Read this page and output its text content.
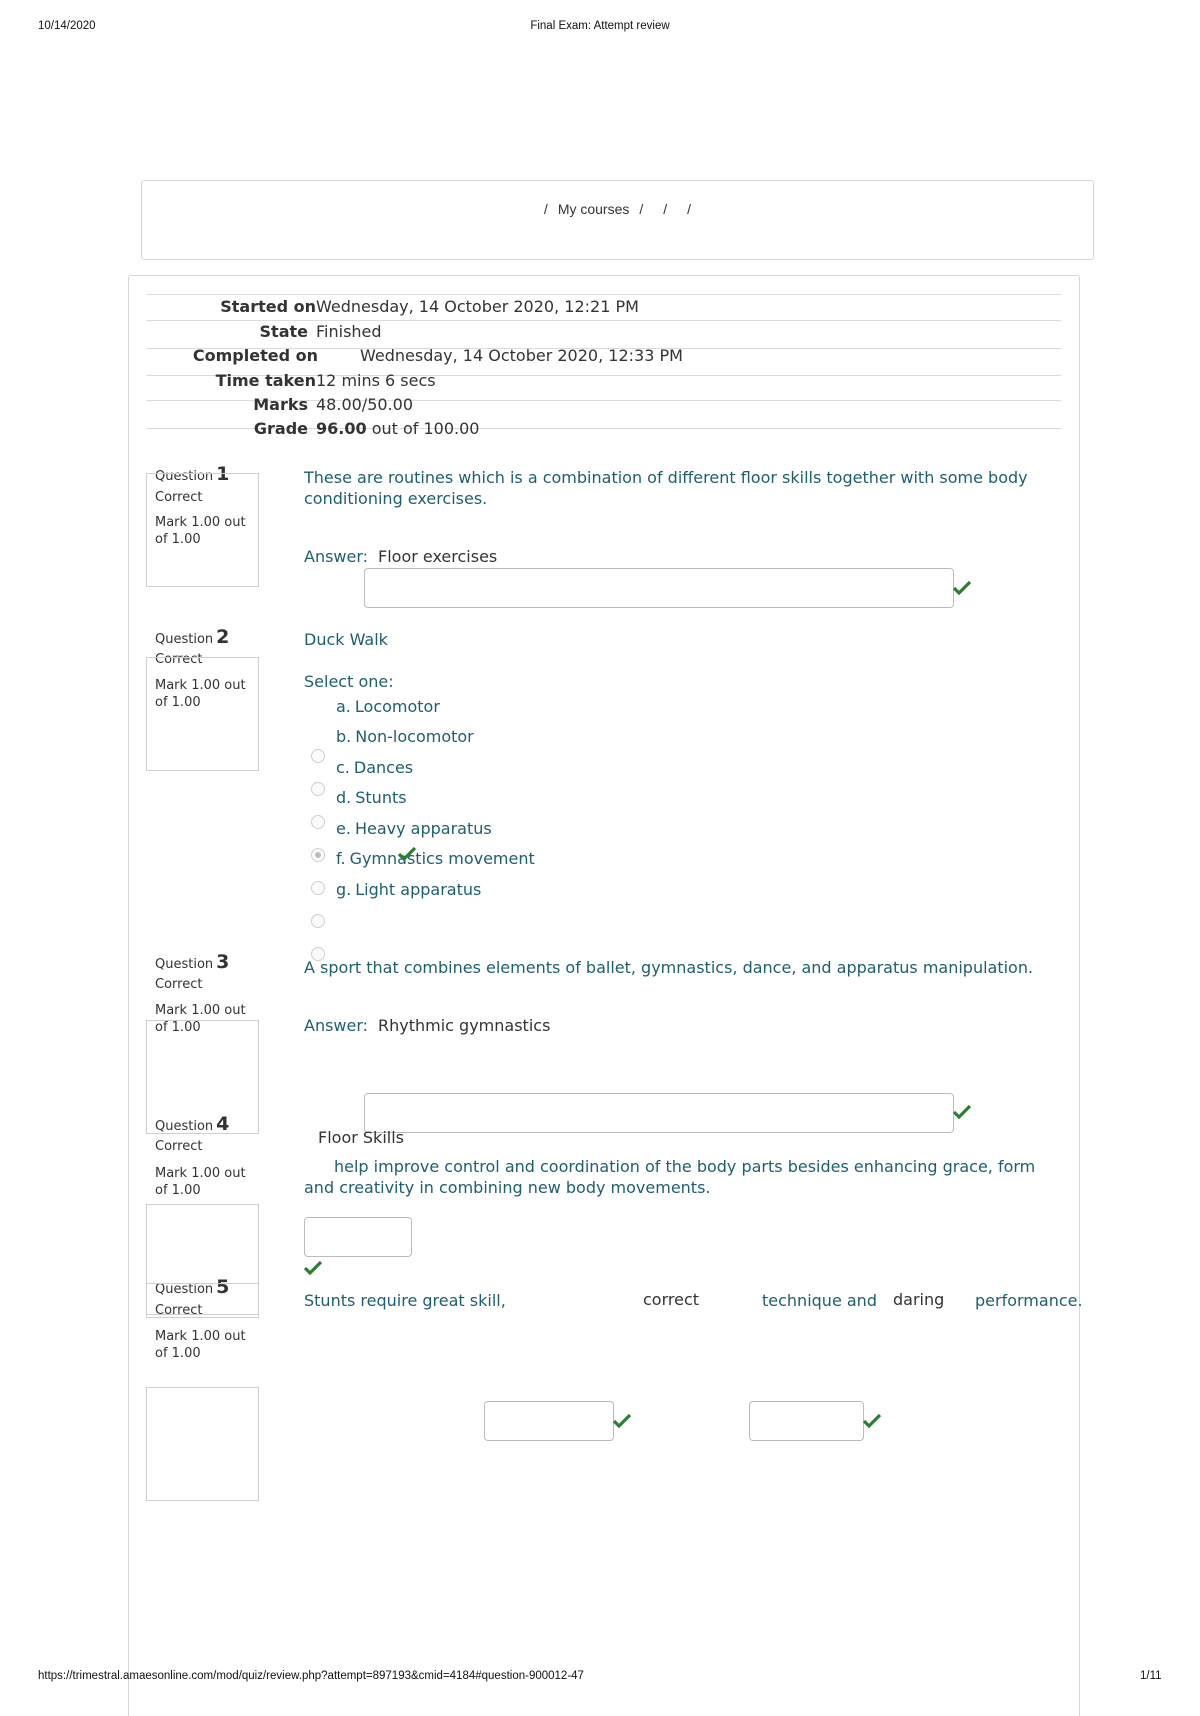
10/14/2020	Final Exam: Attempt review
/ My courses / / /
Started on Wednesday, 14 October 2020, 12:21 PM
State Finished
Completed on	Wednesday, 14 October 2020, 12:33 PM
Time taken 12 mins 6 secs
Marks 48.00/50.00
Grade 96.00 out of 100.00
Question 1
Correct
Mark 1.00 out of 1.00
These are routines which is a combination of different floor skills together with some body conditioning exercises.
Answer: Floor exercises
Question 2
Correct
Mark 1.00 out of 1.00
Duck Walk
Select one:
a. Locomotor
b. Non-locomotor
c. Dances
d. Stunts
e. Heavy apparatus
f. Gymnastics movement
g. Light apparatus
Question 3
Correct
Mark 1.00 out of 1.00
A sport that combines elements of ballet, gymnastics, dance, and apparatus manipulation.
Answer: Rhythmic gymnastics
Question 4
Correct
Mark 1.00 out of 1.00
Floor Skills
help improve control and coordination of the body parts besides enhancing grace, form and creativity in combining new body movements.
Question 5
Correct
Mark 1.00 out of 1.00
Stunts require great skill,	correct	technique and daring performance.
https://trimestral.amaesonline.com/mod/quiz/review.php?attempt=897193&cmid=4184#question-900012-47	1/11
